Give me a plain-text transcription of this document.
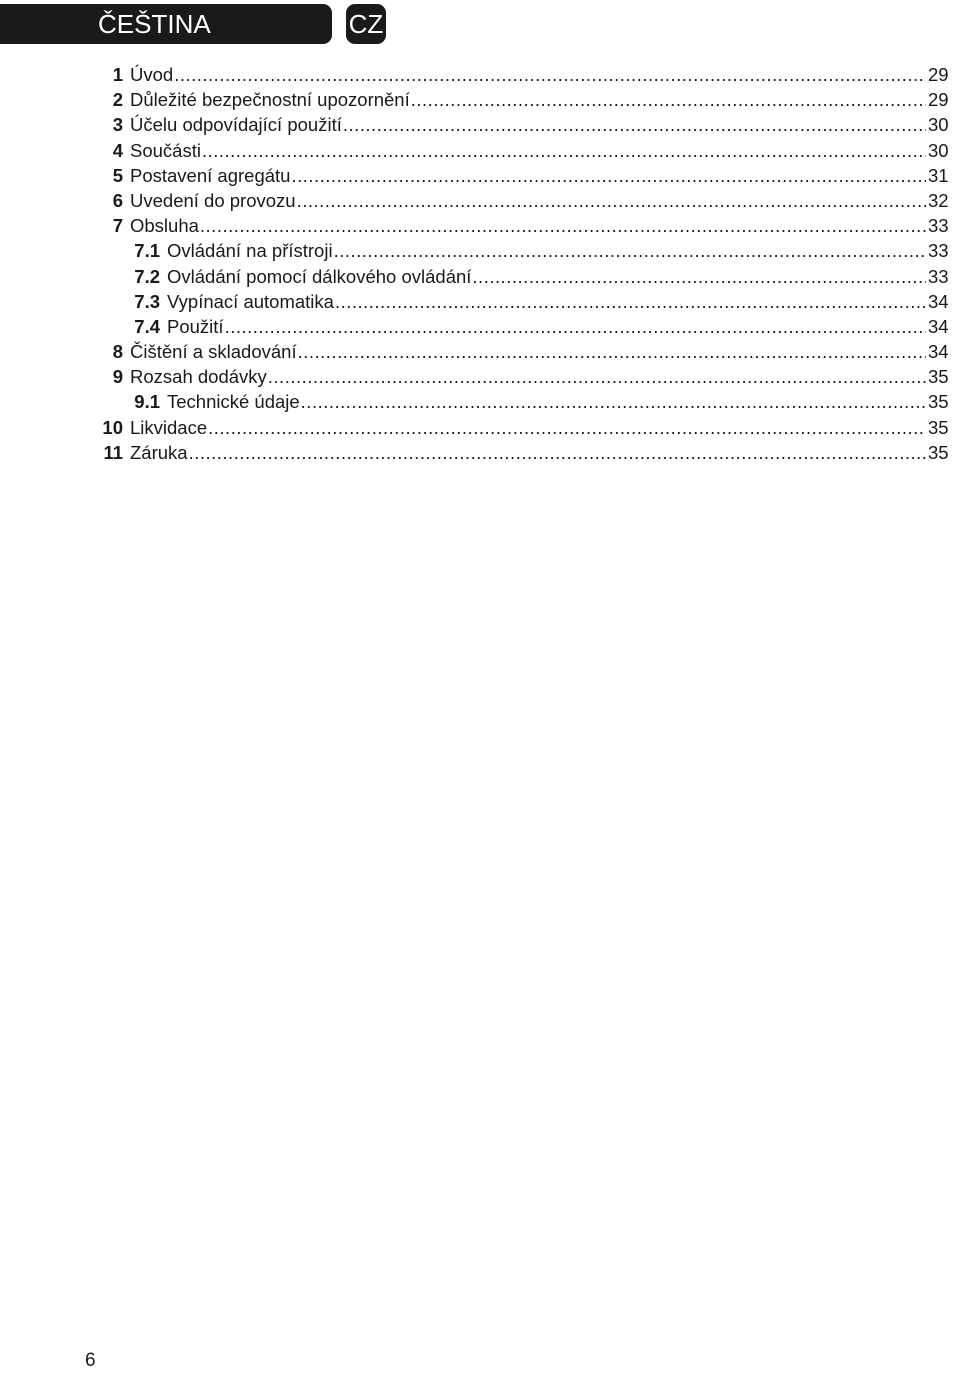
ČEŠTINA	CZ
1 Úvod .....	29
2 Důležité bezpečnostní upozornění .....	29
3 Účelu odpovídající použití .....	30
4 Součásti .....	30
5 Postavení agregátu .....	31
6 Uvedení do provozu .....	32
7 Obsluha .....	33
7.1 Ovládání na přístroji .....	33
7.2 Ovládání pomocí dálkového ovládání .....	33
7.3 Vypínací automatika .....	34
7.4 Použití .....	34
8 Čištění a skladování .....	34
9 Rozsah dodávky .....	35
9.1 Technické údaje .....	35
10 Likvidace .....	35
11 Záruka .....	35
6
